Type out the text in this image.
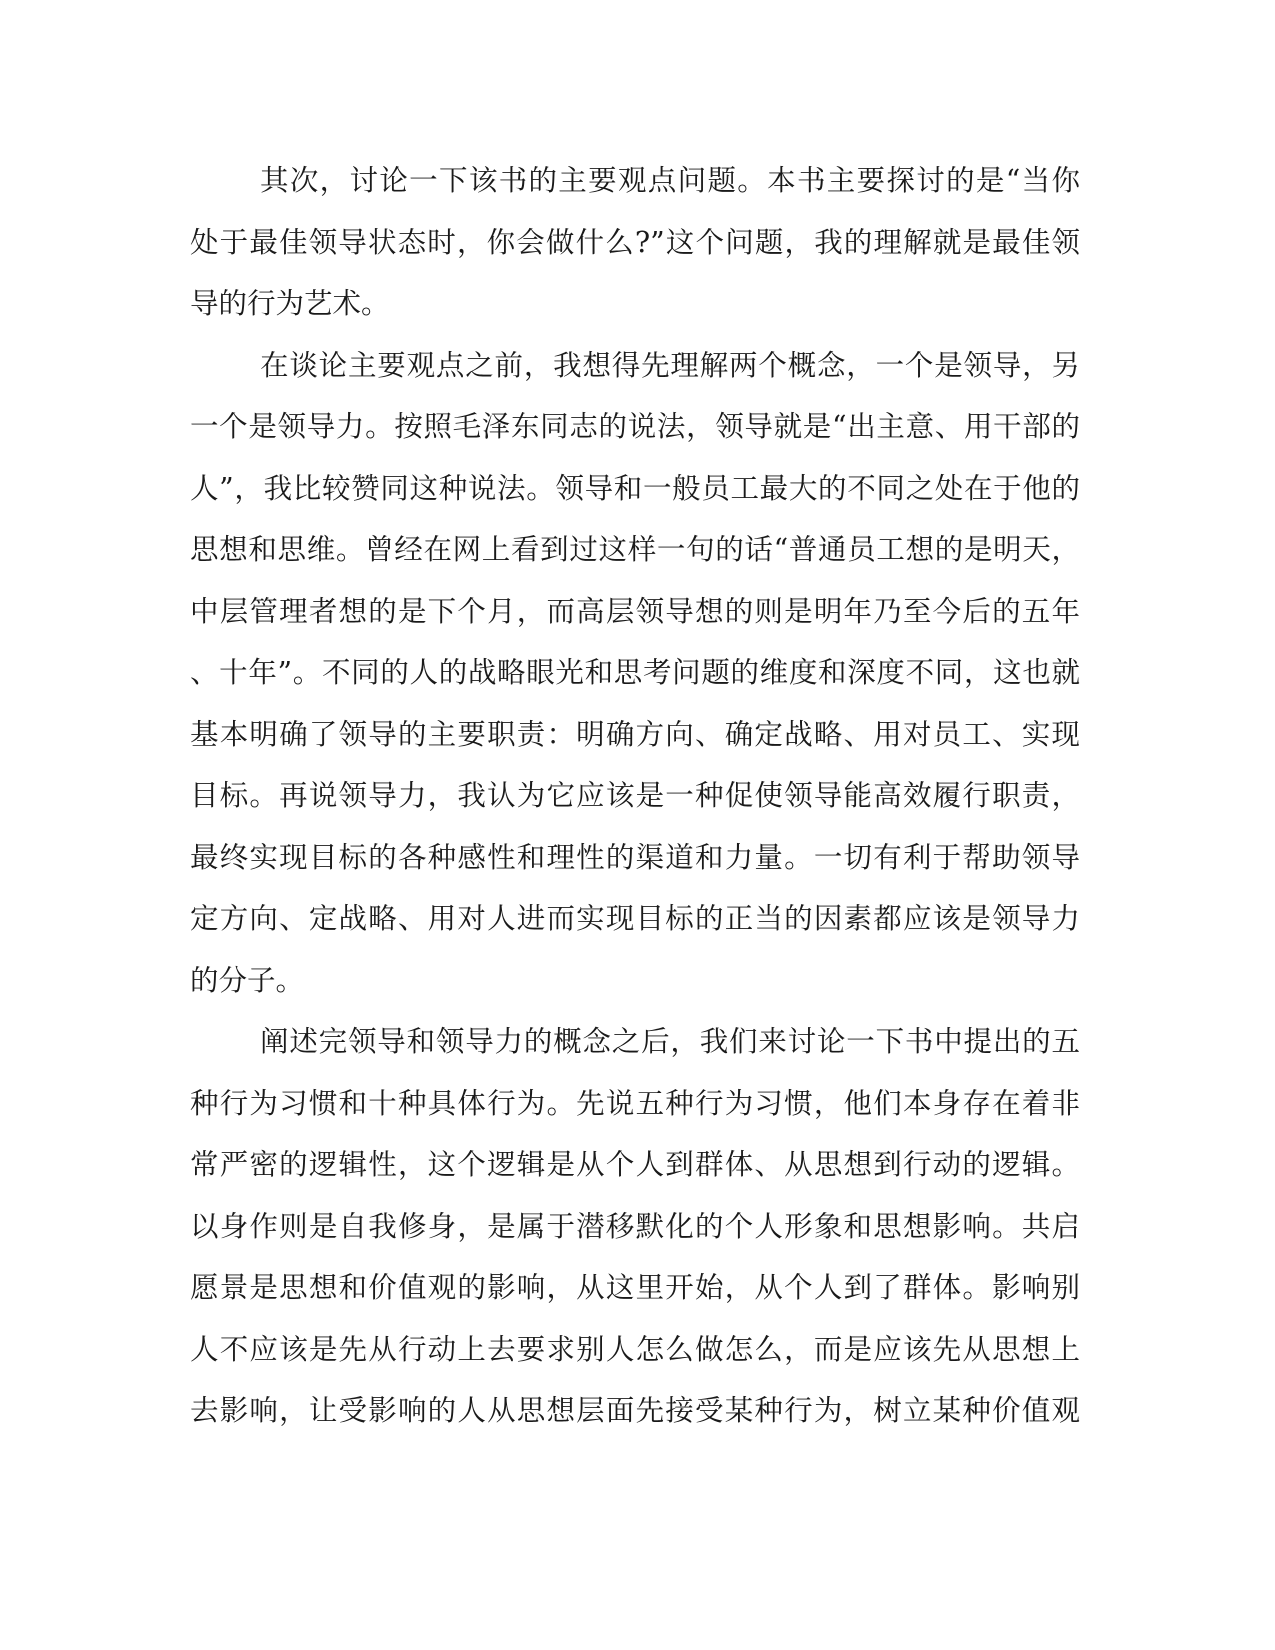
其次，讨论一下该书的主要观点问题。本书主要探讨的是“当你
处于最佳领导状态时，你会做什么?”这个问题，我的理解就是最佳领
导的行为艺术。
在谈论主要观点之前，我想得先理解两个概念，一个是领导，另
一个是领导力。按照毛泽东同志的说法，领导就是“出主意、用干部的
人”，我比较赞同这种说法。领导和一般员工最大的不同之处在于他的
思想和思维。曾经在网上看到过这样一句的话“普通员工想的是明天，
中层管理者想的是下个月，而高层领导想的则是明年乃至今后的五年
、十年”。不同的人的战略眼光和思考问题的维度和深度不同，这也就
基本明确了领导的主要职责：明确方向、确定战略、用对员工、实现
目标。再说领导力，我认为它应该是一种促使领导能高效履行职责，
最终实现目标的各种感性和理性的渠道和力量。一切有利于帮助领导
定方向、定战略、用对人进而实现目标的正当的因素都应该是领导力
的分子。
阐述完领导和领导力的概念之后，我们来讨论一下书中提出的五
种行为习惯和十种具体行为。先说五种行为习惯，他们本身存在着非
常严密的逻辑性，这个逻辑是从个人到群体、从思想到行动的逻辑。
以身作则是自我修身，是属于潜移默化的个人形象和思想影响。共启
愿景是思想和价值观的影响，从这里开始，从个人到了群体。影响别
人不应该是先从行动上去要求别人怎么做怎么，而是应该先从思想上
去影响，让受影响的人从思想层面先接受某种行为，树立某种价值观
